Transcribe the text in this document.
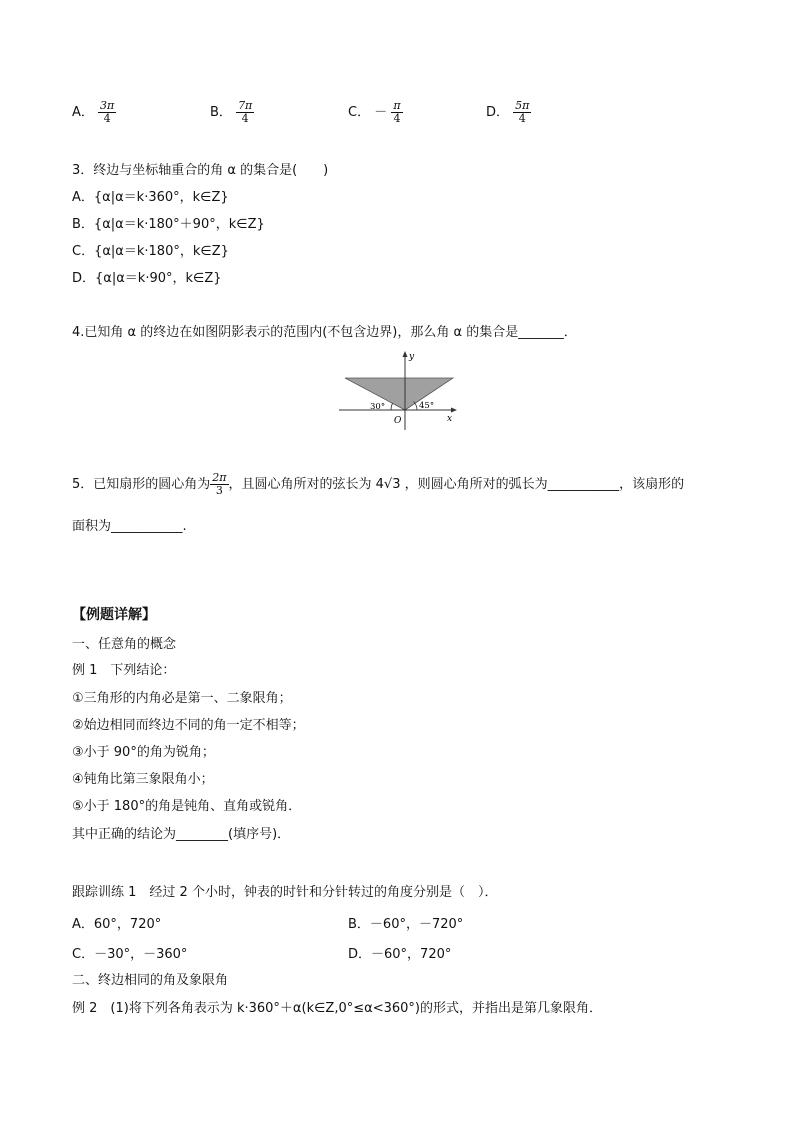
A． $\frac{3\pi}{4}$	B． $\frac{7\pi}{4}$	C． － $\frac{\pi}{4}$	D． $\frac{5\pi}{4}$
3．终边与坐标轴重合的角 α 的集合是(　　)
A．{α|α＝k·360°，k∈Z}
B．{α|α＝k·180°＋90°，k∈Z}
C．{α|α＝k·180°，k∈Z}
D．{α|α＝k·90°，k∈Z}
4.已知角 α 的终边在如图阴影表示的范围内(不包含边界)，那么角 α 的集合是_______．
y
x
O
30°	45°
5．已知扇形的圆心角为 $\frac{2\pi}{3}$ ，且圆心角所对的弦长为 4√3 ，则圆心角所对的弧长为___________，该扇形的
面积为___________.
【例题详解】
一、任意角的概念
例 1　下列结论：
①三角形的内角必是第一、二象限角；
②始边相同而终边不同的角一定不相等；
③小于 90°的角为锐角；
④钝角比第三象限角小；
⑤小于 180°的角是钝角、直角或锐角．
其中正确的结论为________(填序号)．
跟踪训练 1　经过 2 个小时，钟表的时针和分针转过的角度分别是（　）．
A．60°，720°	B．－60°，－720°
C．－30°，－360°	D．－60°，720°
二、终边相同的角及象限角
例 2　(1)将下列各角表示为 k·360°＋α(k∈Z,0°≤α<360°)的形式，并指出是第几象限角．
